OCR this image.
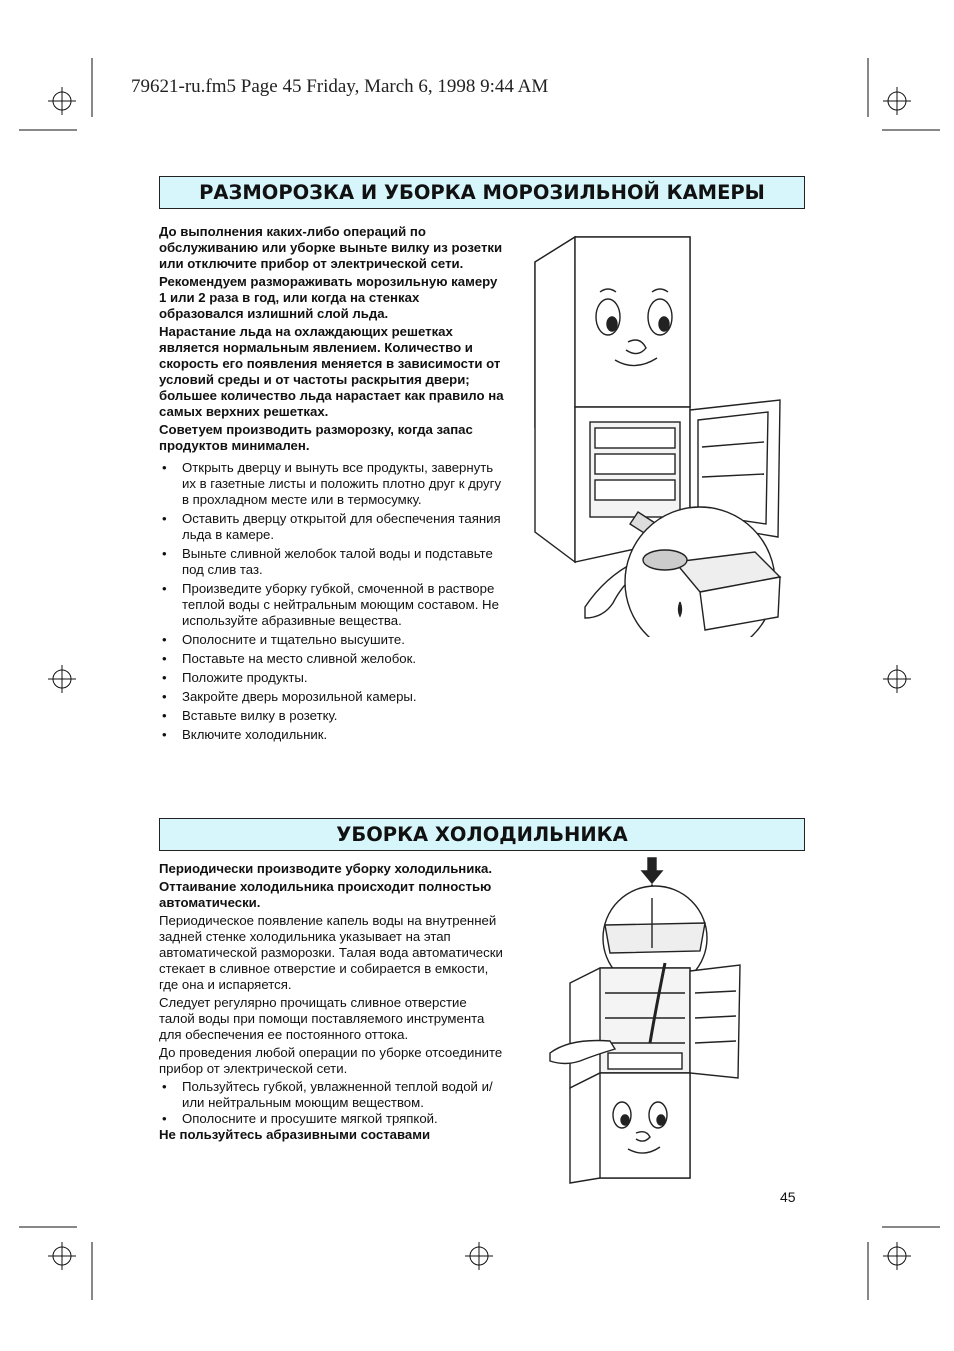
79621-ru.fm5 Page 45 Friday, March 6, 1998 9:44 AM
РАЗМОРОЗКА И УБОРКА МОРОЗИЛЬНОЙ КАМЕРЫ

До выполнения каких-либо операций по обслуживанию или уборке выньте вилку из розетки или отключите прибор от электрической сети.

Рекомендуем размораживать морозильную камеру 1 или 2 раза в год, или когда на стенках образовался излишний слой льда.

Нарастание льда на охлаждающих решетках является нормальным явлением. Количество и скорость его появления меняется в зависимости от условий среды и от частоты раскрытия двери; большее количество льда нарастает как правило на самых верхних решетках.

Советуем производить разморозку, когда запас продуктов минимален.

• Открыть дверцу и вынуть все продукты, завернуть их в газетные листы и положить плотно друг к другу в прохладном месте или в термосумку.
• Оставить дверцу открытой для обеспечения таяния льда в камере.
• Выньте сливной желобок талой воды и подставьте под слив таз.
• Произведите уборку губкой, смоченной в растворе теплой воды с нейтральным моющим составом. Не используйте абразивные вещества.
• Ополосните и тщательно высушите.
• Поставьте на место сливной желобок.
• Положите продукты.
• Закройте дверь морозильной камеры.
• Вставьте вилку в розетку.
• Включите холодильник.
УБОРКА ХОЛОДИЛЬНИКА

Периодически производите уборку холодильника.

Оттаивание холодильника происходит полностью автоматически.

Периодическое появление капель воды на внутренней задней стенке холодильника указывает на этап автоматической разморозки. Талая вода автоматически стекает в сливное отверстие и собирается в емкости, где она и испаряется.

Следует регулярно прочищать сливное отверстие талой воды при помощи поставляемого инструмента для обеспечения ее постоянного оттока.

До проведения любой операции по уборке отсоедините прибор от электрической сети.

• Пользуйтесь губкой, увлажненной теплой водой и/или нейтральным моющим веществом.
• Ополосните и просушите мягкой тряпкой.

Не пользуйтесь абразивными составами

45
